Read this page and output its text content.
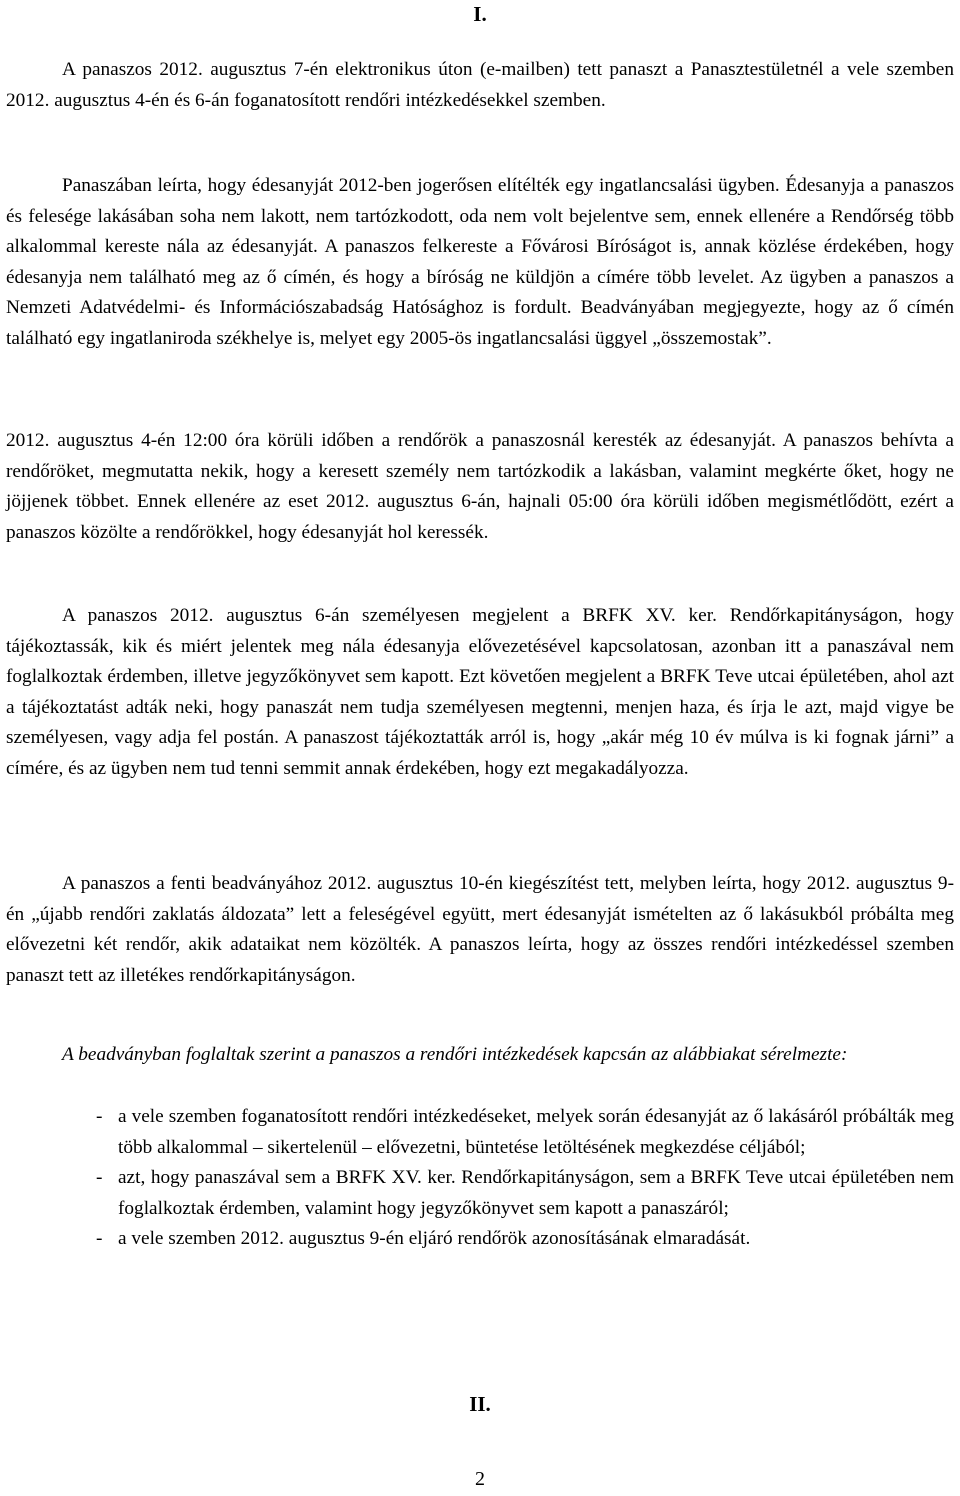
I.

A panaszos 2012. augusztus 7-én elektronikus úton (e-mailben) tett panaszt a Panasztestületnél a vele szemben 2012. augusztus 4-én és 6-án foganatosított rendőri intézkedésekkel szemben.

Panaszában leírta, hogy édesanyját 2012-ben jogerősen elítélték egy ingatlancsalási ügyben. Édesanyja a panaszos és felesége lakásában soha nem lakott, nem tartózkodott, oda nem volt bejelentve sem, ennek ellenére a Rendőrség több alkalommal kereste nála az édesanyját. A panaszos felkereste a Fővárosi Bíróságot is, annak közlése érdekében, hogy édesanyja nem található meg az ő címén, és hogy a bíróság ne küldjön a címére több levelet. Az ügyben a panaszos a Nemzeti Adatvédelmi- és Információszabadság Hatósághoz is fordult. Beadványában megjegyezte, hogy az ő címén található egy ingatlaniroda székhelye is, melyet egy 2005-ös ingatlancsalási üggyel „összemostak”.

2012. augusztus 4-én 12:00 óra körüli időben a rendőrök a panaszosnál keresték az édesanyját. A panaszos behívta a rendőröket, megmutatta nekik, hogy a keresett személy nem tartózkodik a lakásban, valamint megkérte őket, hogy ne jöjjenek többet. Ennek ellenére az eset 2012. augusztus 6-án, hajnali 05:00 óra körüli időben megismétlődött, ezért a panaszos közölte a rendőrökkel, hogy édesanyját hol keressék.

A panaszos 2012. augusztus 6-án személyesen megjelent a BRFK XV. ker. Rendőrkapitányságon, hogy tájékoztassák, kik és miért jelentek meg nála édesanyja elővezetésével kapcsolatosan, azonban itt a panaszával nem foglalkoztak érdemben, illetve jegyzőkönyvet sem kapott. Ezt követően megjelent a BRFK Teve utcai épületében, ahol azt a tájékoztatást adták neki, hogy panaszát nem tudja személyesen megtenni, menjen haza, és írja le azt, majd vigye be személyesen, vagy adja fel postán. A panaszost tájékoztatták arról is, hogy „akár még 10 év múlva is ki fognak járni” a címére, és az ügyben nem tud tenni semmit annak érdekében, hogy ezt megakadályozza.

A panaszos a fenti beadványához 2012. augusztus 10-én kiegészítést tett, melyben leírta, hogy 2012. augusztus 9-én „újabb rendőri zaklatás áldozata” lett a feleségével együtt, mert édesanyját ismételten az ő lakásukból próbálta meg elővezetni két rendőr, akik adataikat nem közölték. A panaszos leírta, hogy az összes rendőri intézkedéssel szemben panaszt tett az illetékes rendőrkapitányságon.

A beadványban foglaltak szerint a panaszos a rendőri intézkedések kapcsán az alábbiakat sérelmezte:

- a vele szemben foganatosított rendőri intézkedéseket, melyek során édesanyját az ő lakásáról próbálták meg több alkalommal – sikertelenül – elővezetni, büntetése letöltésének megkezdése céljából;
- azt, hogy panaszával sem a BRFK XV. ker. Rendőrkapitányságon, sem a BRFK Teve utcai épületében nem foglalkoztak érdemben, valamint hogy jegyzőkönyvet sem kapott a panaszáról;
- a vele szemben 2012. augusztus 9-én eljáró rendőrök azonosításának elmaradását.
II.
2
